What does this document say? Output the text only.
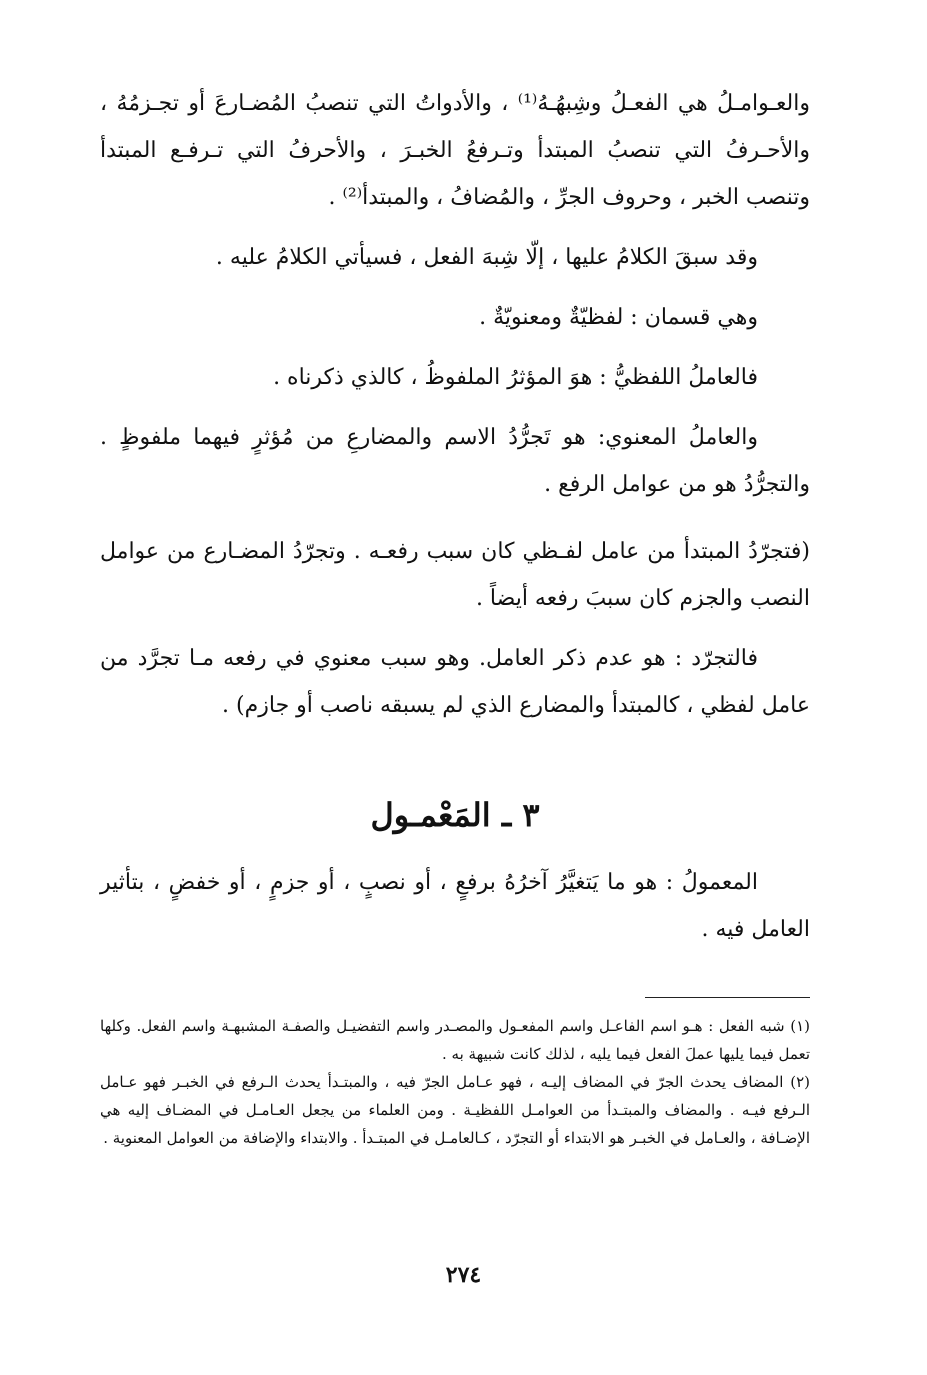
والعـوامـلُ هي الفعـلُ وشِبهُـهُ⁽¹⁾ ، والأدواتُ التي تنصبُ المُضـارعَ أو تجـزمُهُ ، والأحـرفُ التي تنصبُ المبتدأ وتـرفعُ الخبـرَ ، والأحرفُ التي تـرفـع المبتدأ وتنصب الخبر ، وحروف الجرِّ ، والمُضافُ ، والمبتدأ⁽²⁾ .

وقد سبقَ الكلامُ عليها ، إلّا شِبهَ الفعل ، فسيأتي الكلامُ عليه .

وهي قسمان : لفظيّةٌ ومعنويّةٌ .

فالعاملُ اللفظيُّ : هوَ المؤثرُ الملفوظُ ، كالذي ذكرناه .

والعاملُ المعنوي: هو تَجرُّدُ الاسم والمضارعِ من مُؤثرٍ فيهما ملفوظٍ . والتجرُّدُ هو من عوامل الرفع .

(فتجرّدُ المبتدأ من عامل لفـظي كان سبب رفعـه . وتجرّدُ المضـارع من عوامل النصب والجزم كان سببَ رفعه أيضاً .

فالتجرّد : هو عدم ذكر العامل. وهو سبب معنوي في رفعه مـا تجرَّد من عامل لفظي ، كالمبتدأ والمضارع الذي لم يسبقه ناصب أو جازم) .

٣ ـ المَعْمـول

المعمولُ : هو ما يَتغيَّرُ آخرُهُ برفعٍ ، أو نصبٍ ، أو جزمٍ ، أو خفضٍ ، بتأثير العامل فيه .

(١) شبه الفعل : هـو اسم الفاعـل واسم المفعـول والمصـدر واسم التفضيـل والصفـة المشبهـة واسم الفعل. وكلها تعمل فيما يليها عملَ الفعل فيما يليه ، لذلك كانت شبيهة به .

(٢) المضاف يحدث الجرّ في المضاف إليـه ، فهو عـامل الجرّ فيه ، والمبتـدأ يحدث الـرفع في الخبـر فهو عـامل الـرفع فيـه . والمضاف والمبتـدأ من العوامـل اللفظيـة . ومن العلماء من يجعل العـامـل في المضـاف إليه هي الإضـافة ، والعـامل في الخبـر هو الابتداء أو التجرّد ، كـالعامـل في المبتـدأ . والابتداء والإضافة من العوامل المعنوية .

٢٧٤
